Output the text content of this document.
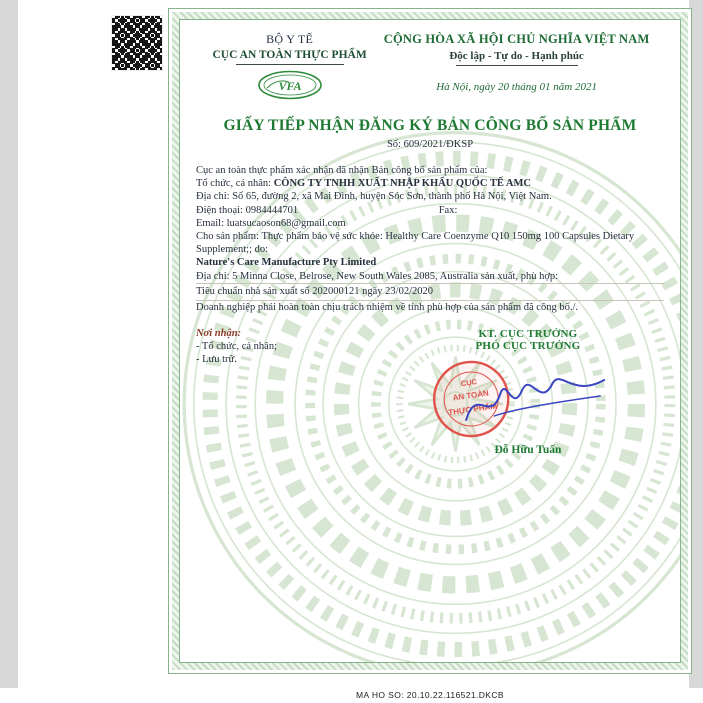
BỘ Y TẾ
CỤC AN TOÀN THỰC PHẨM
VFA
CỘNG HÒA XÃ HỘI CHỦ NGHĨA VIỆT NAM
Độc lập - Tự do - Hạnh phúc
Hà Nội, ngày 20 tháng 01 năm 2021
GIẤY TIẾP NHẬN ĐĂNG KÝ BẢN CÔNG BỐ SẢN PHẨM
Số: 609/2021/ĐKSP

Cục an toàn thực phẩm xác nhận đã nhận Bản công bố sản phẩm của:

Tổ chức, cá nhân: CÔNG TY TNHH XUẤT NHẬP KHẨU QUỐC TẾ AMC

Địa chỉ: Số 65, đường 2, xã Mai Đình, huyện Sóc Sơn, thành phố Hà Nội, Việt Nam.

Điện thoại: 0984444701	Fax:

Email: luatsucaoson68@gmail.com

Cho sản phẩm: Thực phẩm bảo vệ sức khỏe: Healthy Care Coenzyme Q10 150mg 100 Capsules Dietary Supplement;; do:

Nature's Care Manufacture Pty Limited

Địa chỉ: 5 Minna Close, Belrose, New South Wales 2085, Australia sản xuất, phù hợp:

Tiêu chuẩn nhà sản xuất số 202000121 ngày 23/02/2020

Doanh nghiệp phải hoàn toàn chịu trách nhiệm về tính phù hợp của sản phẩm đã công bố./.

Nơi nhận:
- Tổ chức, cá nhân;
- Lưu trữ.
KT. CỤC TRƯỞNG
PHÓ CỤC TRƯỞNG
CỤC
AN TOÀN
THỰC PHẨM
Đỗ Hữu Tuấn
MA HO SO: 20.10.22.116521.DKCB
